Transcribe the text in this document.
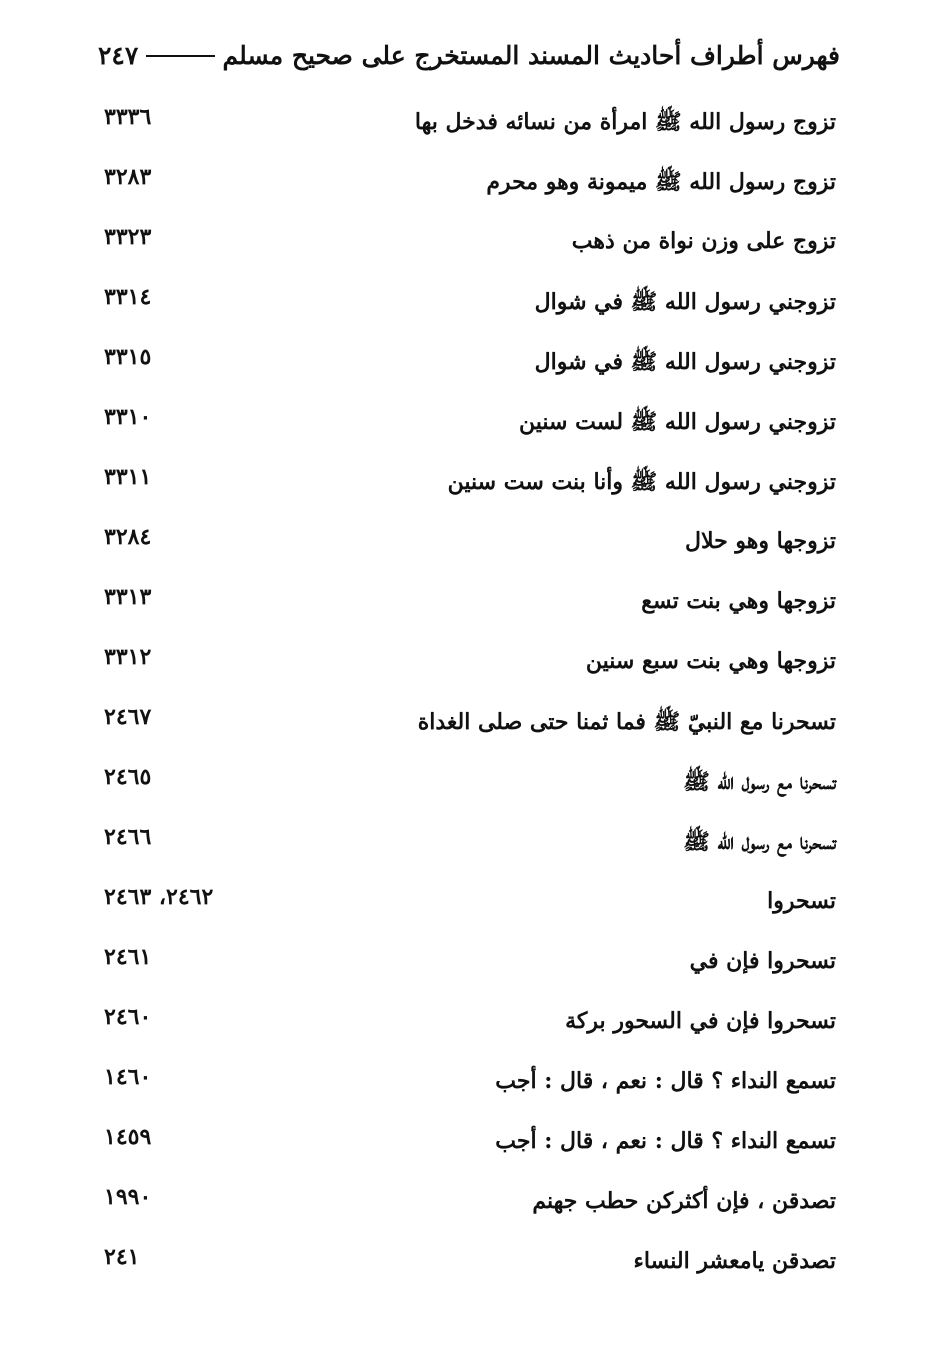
٢٤٧	فهرس أطراف أحاديث المسند المستخرج على صحيح مسلم
تزوج رسول الله ﷺ امرأة من نسائه فدخل بها
٣٣٣٦
تزوج رسول الله ﷺ ميمونة وهو محرم
٣٢٨٣
تزوج على وزن نواة من ذهب
٣٣٢٣
تزوجني رسول الله ﷺ في شوال
٣٣١٤
تزوجني رسول الله ﷺ في شوال
٣٣١٥
تزوجني رسول الله ﷺ لست سنين
٣٣١٠
تزوجني رسول الله ﷺ وأنا بنت ست سنين
٣٣١١
تزوجها وهو حلال
٣٢٨٤
تزوجها وهي بنت تسع
٣٣١٣
تزوجها وهي بنت سبع سنين
٣٣١٢
تسحرنا مع النبيّ ﷺ فما ثمنا حتى صلى الغداة
٢٤٦٧
تسحرنا مع رسول الله ﷺ
٢٤٦٥
تسحرنا مع رسول الله ﷺ
٢٤٦٦
تسحروا
٢٤٦٢، ٢٤٦٣
تسحروا فإن في
٢٤٦١
تسحروا فإن في السحور بركة
٢٤٦٠
تسمع النداء ؟ قال : نعم ، قال : أجب
١٤٦٠
تسمع النداء ؟ قال : نعم ، قال : أجب
١٤٥٩
تصدقن ، فإن أكثركن حطب جهنم
١٩٩٠
تصدقن يامعشر النساء
٢٤١
